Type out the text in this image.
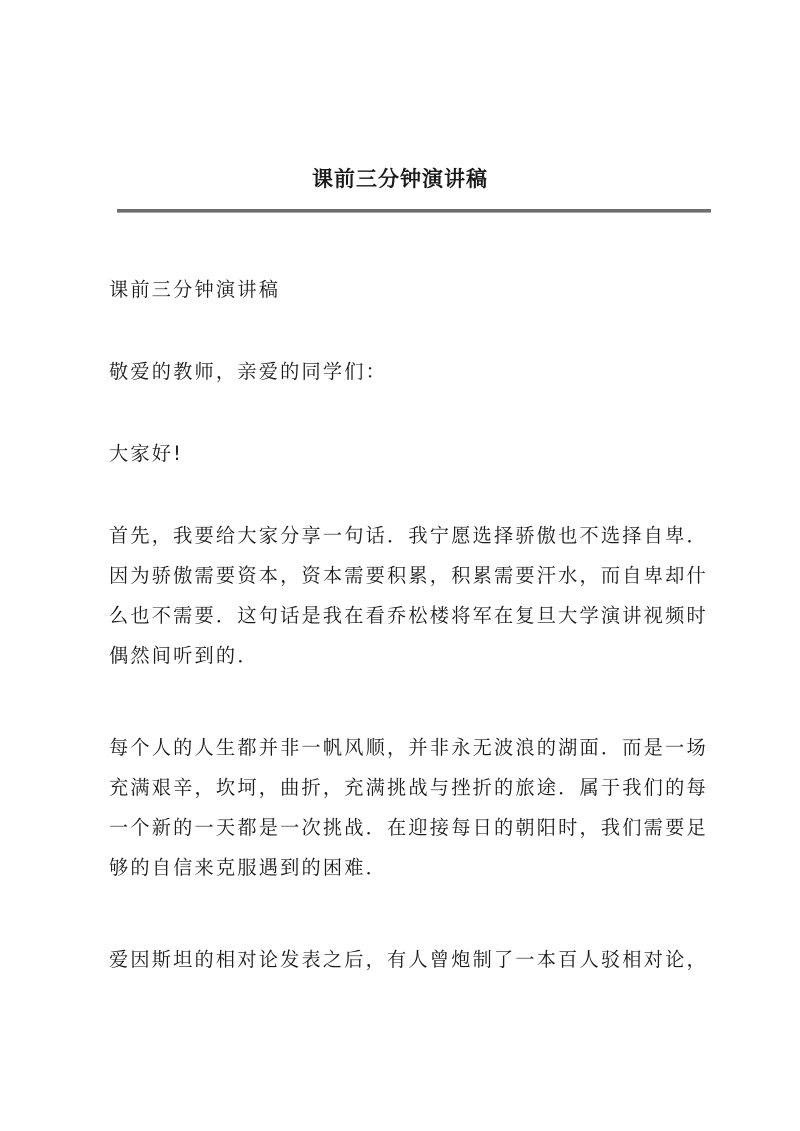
课前三分钟演讲稿
课前三分钟演讲稿
敬爱的教师，亲爱的同学们：
大家好!
首先，我要给大家分享一句话．我宁愿选择骄傲也不选择自卑．
因为骄傲需要资本，资本需要积累，积累需要汗水，而自卑却什
么也不需要．这句话是我在看乔松楼将军在复旦大学演讲视频时
偶然间听到的．
每个人的人生都并非一帆风顺，并非永无波浪的湖面．而是一场
充满艰辛，坎坷，曲折，充满挑战与挫折的旅途．属于我们的每
一个新的一天都是一次挑战．在迎接每日的朝阳时，我们需要足
够的自信来克服遇到的困难．
爱因斯坦的相对论发表之后，有人曾炮制了一本百人驳相对论，
